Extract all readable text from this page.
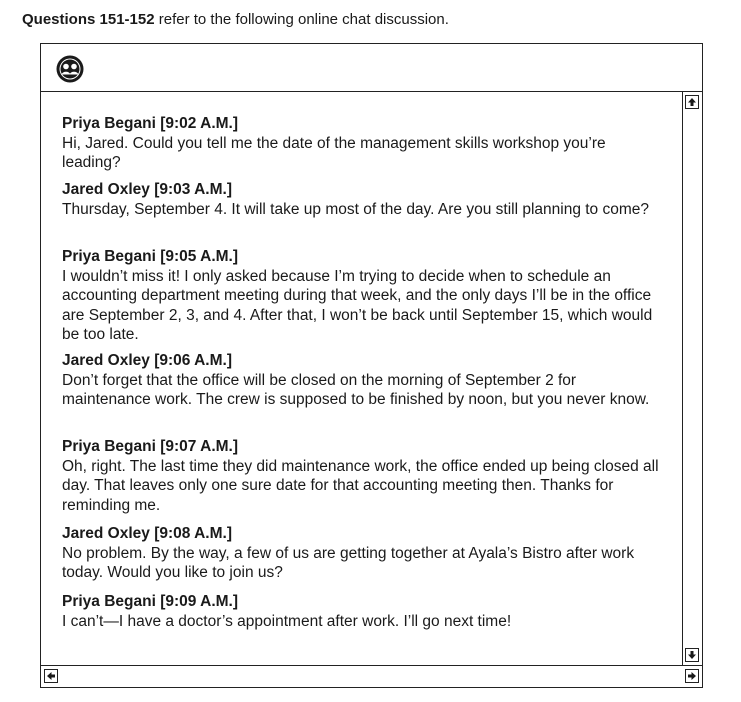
Questions 151-152 refer to the following online chat discussion.
Priya Begani [9:02 A.M.]
Hi, Jared. Could you tell me the date of the management skills workshop you’re leading?
Jared Oxley [9:03 A.M.]
Thursday, September 4. It will take up most of the day. Are you still planning to come?
Priya Begani [9:05 A.M.]
I wouldn’t miss it! I only asked because I’m trying to decide when to schedule an accounting department meeting during that week, and the only days I’ll be in the office are September 2, 3, and 4. After that, I won’t be back until September 15, which would be too late.
Jared Oxley [9:06 A.M.]
Don’t forget that the office will be closed on the morning of September 2 for maintenance work. The crew is supposed to be finished by noon, but you never know.
Priya Begani [9:07 A.M.]
Oh, right. The last time they did maintenance work, the office ended up being closed all day. That leaves only one sure date for that accounting meeting then. Thanks for reminding me.
Jared Oxley [9:08 A.M.]
No problem. By the way, a few of us are getting together at Ayala’s Bistro after work today. Would you like to join us?
Priya Begani [9:09 A.M.]
I can’t—I have a doctor’s appointment after work. I’ll go next time!
